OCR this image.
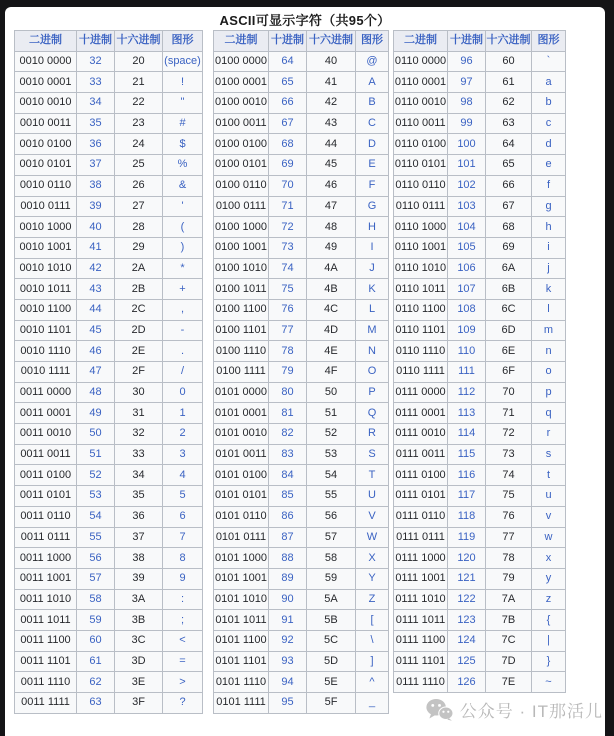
ASCII可显示字符（共95个）
二进制	十进制	十六进制	图形
0010 0000	32	20	(space)
0010 0001	33	21	!
0010 0010	34	22	"
0010 0011	35	23	#
0010 0100	36	24	$
0010 0101	37	25	%
0010 0110	38	26	&
0010 0111	39	27	'
0010 1000	40	28	(
0010 1001	41	29	)
0010 1010	42	2A	*
0010 1011	43	2B	+
0010 1100	44	2C	,
0010 1101	45	2D	-
0010 1110	46	2E	.
0010 1111	47	2F	/
0011 0000	48	30	0
0011 0001	49	31	1
0011 0010	50	32	2
0011 0011	51	33	3
0011 0100	52	34	4
0011 0101	53	35	5
0011 0110	54	36	6
0011 0111	55	37	7
0011 1000	56	38	8
0011 1001	57	39	9
0011 1010	58	3A	:
0011 1011	59	3B	;
0011 1100	60	3C	<
0011 1101	61	3D	=
0011 1110	62	3E	>
0011 1111	63	3F	?
二进制	十进制	十六进制	图形
0100 0000	64	40	@
0100 0001	65	41	A
0100 0010	66	42	B
0100 0011	67	43	C
0100 0100	68	44	D
0100 0101	69	45	E
0100 0110	70	46	F
0100 0111	71	47	G
0100 1000	72	48	H
0100 1001	73	49	I
0100 1010	74	4A	J
0100 1011	75	4B	K
0100 1100	76	4C	L
0100 1101	77	4D	M
0100 1110	78	4E	N
0100 1111	79	4F	O
0101 0000	80	50	P
0101 0001	81	51	Q
0101 0010	82	52	R
0101 0011	83	53	S
0101 0100	84	54	T
0101 0101	85	55	U
0101 0110	86	56	V
0101 0111	87	57	W
0101 1000	88	58	X
0101 1001	89	59	Y
0101 1010	90	5A	Z
0101 1011	91	5B	[
0101 1100	92	5C	\
0101 1101	93	5D	]
0101 1110	94	5E	^
0101 1111	95	5F	_
二进制	十进制	十六进制	图形
0110 0000	96	60	`
0110 0001	97	61	a
0110 0010	98	62	b
0110 0011	99	63	c
0110 0100	100	64	d
0110 0101	101	65	e
0110 0110	102	66	f
0110 0111	103	67	g
0110 1000	104	68	h
0110 1001	105	69	i
0110 1010	106	6A	j
0110 1011	107	6B	k
0110 1100	108	6C	l
0110 1101	109	6D	m
0110 1110	110	6E	n
0110 1111	111	6F	o
0111 0000	112	70	p
0111 0001	113	71	q
0111 0010	114	72	r
0111 0011	115	73	s
0111 0100	116	74	t
0111 0101	117	75	u
0111 0110	118	76	v
0111 0111	119	77	w
0111 1000	120	78	x
0111 1001	121	79	y
0111 1010	122	7A	z
0111 1011	123	7B	{
0111 1100	124	7C	|
0111 1101	125	7D	}
0111 1110	126	7E	~
公众号 · IT那活儿
